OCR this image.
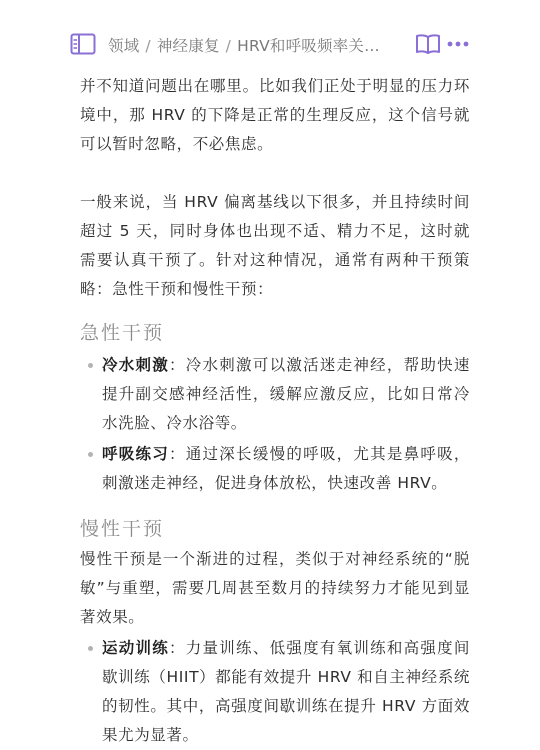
领域 / 神经康复 / HRV和呼吸频率关…

并不知道问题出在哪里。比如我们正处于明显的压力环境中，那 HRV 的下降是正常的生理反应，这个信号就可以暂时忽略，不必焦虑。

一般来说，当 HRV 偏离基线以下很多，并且持续时间超过 5 天，同时身体也出现不适、精力不足，这时就需要认真干预了。针对这种情况，通常有两种干预策略：急性干预和慢性干预：

急性干预
冷水刺激：冷水刺激可以激活迷走神经，帮助快速提升副交感神经活性，缓解应激反应，比如日常冷水洗脸、冷水浴等。
呼吸练习：通过深长缓慢的呼吸，尤其是鼻呼吸，刺激迷走神经，促进身体放松，快速改善 HRV。
慢性干预

慢性干预是一个渐进的过程，类似于对神经系统的“脱敏”与重塑，需要几周甚至数月的持续努力才能见到显著效果。

运动训练：力量训练、低强度有氧训练和高强度间歇训练（HIIT）都能有效提升 HRV 和自主神经系统的韧性。其中，高强度间歇训练在提升 HRV 方面效果尤为显著。
